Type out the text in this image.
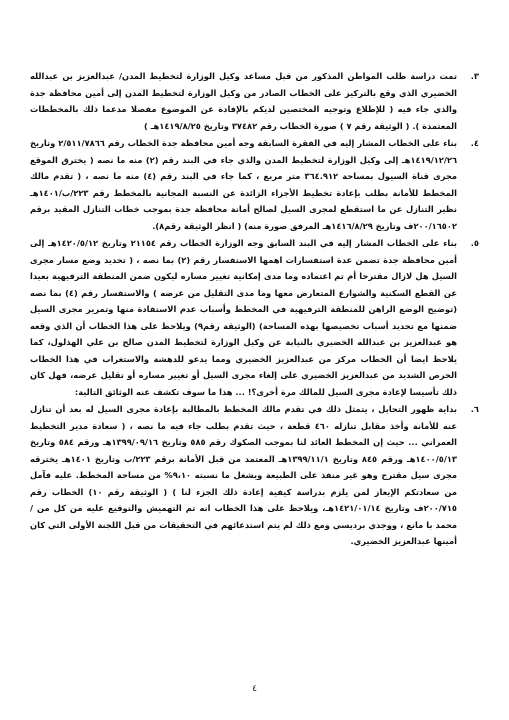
٣.
تمت دراسة طلب المواطن المذكور من قبل مساعد وكيل الوزارة لتخطيط المدن/ عبدالعزيز بن عبدالله الخضيري الذي وقع بالتركيز على الخطاب الصادر من وكيل الوزارة لتخطيط المدن إلى أمين محافظة جدة والذي جاء فيه ( للإطلاع وتوجيه المختصين لديكم بالإفادة عن الموضوع مفصلا مدعما ذلك بالمخططات المعتمدة ). ( الوثيقة رقم ٧ ) صورة الخطاب رقم ٣٧٤٨٢ وتاريخ ١٤١٩/٨/٢٥هـ )
٤.
بناء على الخطاب المشار إليه في الفقرة السابقة وجه أمين محافظة جدة الخطاب رقم ٢/٥١١/٧٨٦٦ وتاريخ ١٤١٩/١٢/٢٦هـ إلى وكيل الوزارة لتخطيط المدن والذي جاء في البند رقم (٢) منه ما نصه ( يخترق الموقع مجرى قناة السيول بمساحة ٣٦٤.٩١٢ متر مربع ، كما جاء في البند رقم (٤) منه ما نصه ، ( تقدم مالك المخطط للأمانة بطلب بإعادة تخطيط الأجزاء الزائدة عن النسبة المجانية بالمخطط رقم ٢٢٣/ب/١٤٠١هـ نظير التنازل عن ما استقطع لمجرى السيل لصالح أمانة محافظة جدة بموجب خطاب التنازل المقيد برقم ٢٠٠/١٦٥٠٢ف وتاريخ ١٤١٦/٨/٢٩هـ المرفق صورة منه) ( انظر الوثيقة رقم٨).
٥.
بناء على الخطاب المشار إليه في البند السابق وجه الوزارة الخطاب رقم ٢١١٥٤ وتاريخ ١٤٢٠/٥/١٢هـ إلى أمين محافظة جدة تضمن عدة استفسارات اهمها الاستفسار رقم (٢) بما نصه ، ( تحديد وضع مسار مجرى السيل هل لازال مقترحا أم تم اعتماده وما مدى إمكانية تغيير مساره ليكون ضمن المنطقة الترفيهية بعيدا عن القطع السكنية والشوارع المتعارض معها وما مدى التقليل من عرضه ) والاستفسار رقم (٤) بما نصه (توضيح الوضع الراهن للمنطقة الترفيهية في المخطط وأسباب عدم الاستفادة منها وتمرير مجرى السيل ضمنها مع تحديد أسباب تخصيصها بهذه المساحة) (الوثيقة رقم٩) ويلاحظ على هذا الخطاب أن الذي وقعه هو عبدالعزيز بن عبدالله الخضيري بالنيابة عن وكيل الوزارة لتخطيط المدن صالح بن علي الهذلول، كما يلاحظ ايضا أن الخطاب مركز من عبدالعزيز الخضيري ومما يدعو للدهشة والاستغراب في هذا الخطاب الحرص الشديد من عبدالعزيز الخضيري على إلغاء مجرى السيل أو تغيير مساره أو تقليل عرضه، فهل كان ذلك تأسيسا لإعادة مجرى السيل للمالك مرة أخرى؟! ... هذا ما سوف تكشف عنه الوثائق التالية:
٦.
بداية ظهور التحايل ، يتمثل ذلك في تقدم مالك المخطط بالمطالبة بإعادة مجرى السيل له بعد أن تنازل عنه للأمانة وأخذ مقابل تنازله ٤٦٠ قطعة ، حيث تقدم بطلب جاء فيه ما نصه ، ( سعادة مدير التخطيط العمراني ... حيث إن المخطط العائد لنا بموجب الصكوك رقم ٥٨٥ وتاريخ ١٣٩٩/٠٩/١٦هـ ورقم ٥٨٤ وتاريخ ١٤٠٠/٥/١٣هـ ورقم ٨٤٥ وتاريخ ١٣٩٩/١١/١هـ المعتمد من قبل الأمانة برقم ٢٢٣/ب وتاريخ ١٤٠١هـ يخترقه مجرى سيل مقترح وهو غير منفذ على الطبيعة ويشغل ما نسبته ٩،١٠% من مساحة المخطط. عليه فآمل من سعادتكم الإيعاز لمن يلزم بدراسة كيفية إعادة ذلك الجزء لنا ) ( الوثيقة رقم ١٠) الخطاب رقم ٢٠٠/٧١٥ف وتاريخ ١٤٢١/٠١/١٤هـ، ويلاحظ على هذا الخطاب انه تم التهميش والتوقيع عليه من كل من / محمد با مانع ، ووجدي برديسي ومع ذلك لم يتم استدعائهم في التحقيقات من قبل اللجنة الأولى التي كان أمينها عبدالعزيز الخضيري.
٤
